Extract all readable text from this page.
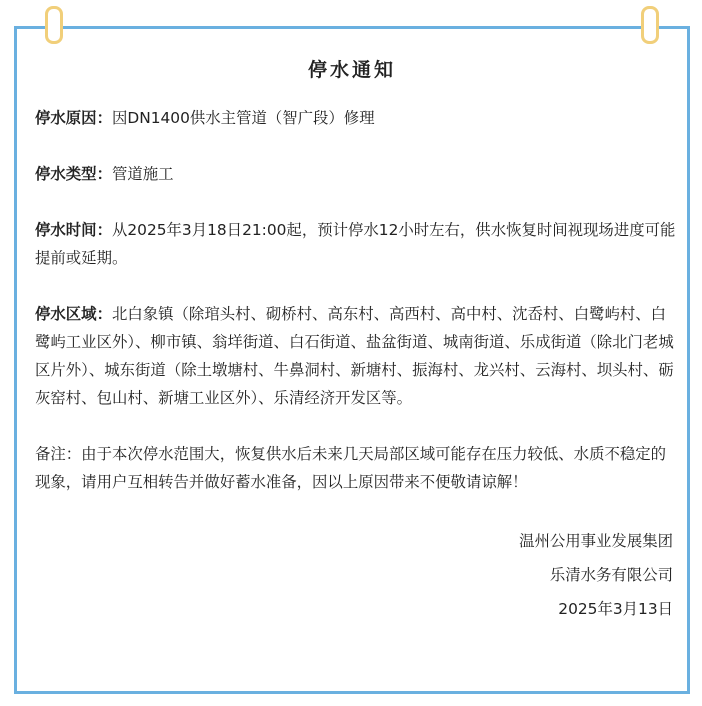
停水通知

停水原因：因DN1400供水主管道（智广段）修理

停水类型：管道施工

停水时间：从2025年3月18日21:00起，预计停水12小时左右，供水恢复时间视现场进度可能提前或延期。

停水区域：北白象镇（除琯头村、砌桥村、高东村、高西村、高中村、沈岙村、白鹭屿村、白鹭屿工业区外）、柳市镇、翁垟街道、白石街道、盐盆街道、城南街道、乐成街道（除北门老城区片外）、城东街道（除土墩塘村、牛鼻洞村、新塘村、振海村、龙兴村、云海村、坝头村、砺灰窑村、包山村、新塘工业区外）、乐清经济开发区等。

备注：由于本次停水范围大，恢复供水后未来几天局部区域可能存在压力较低、水质不稳定的现象，请用户互相转告并做好蓄水准备，因以上原因带来不便敬请谅解！

温州公用事业发展集团

乐清水务有限公司

2025年3月13日
